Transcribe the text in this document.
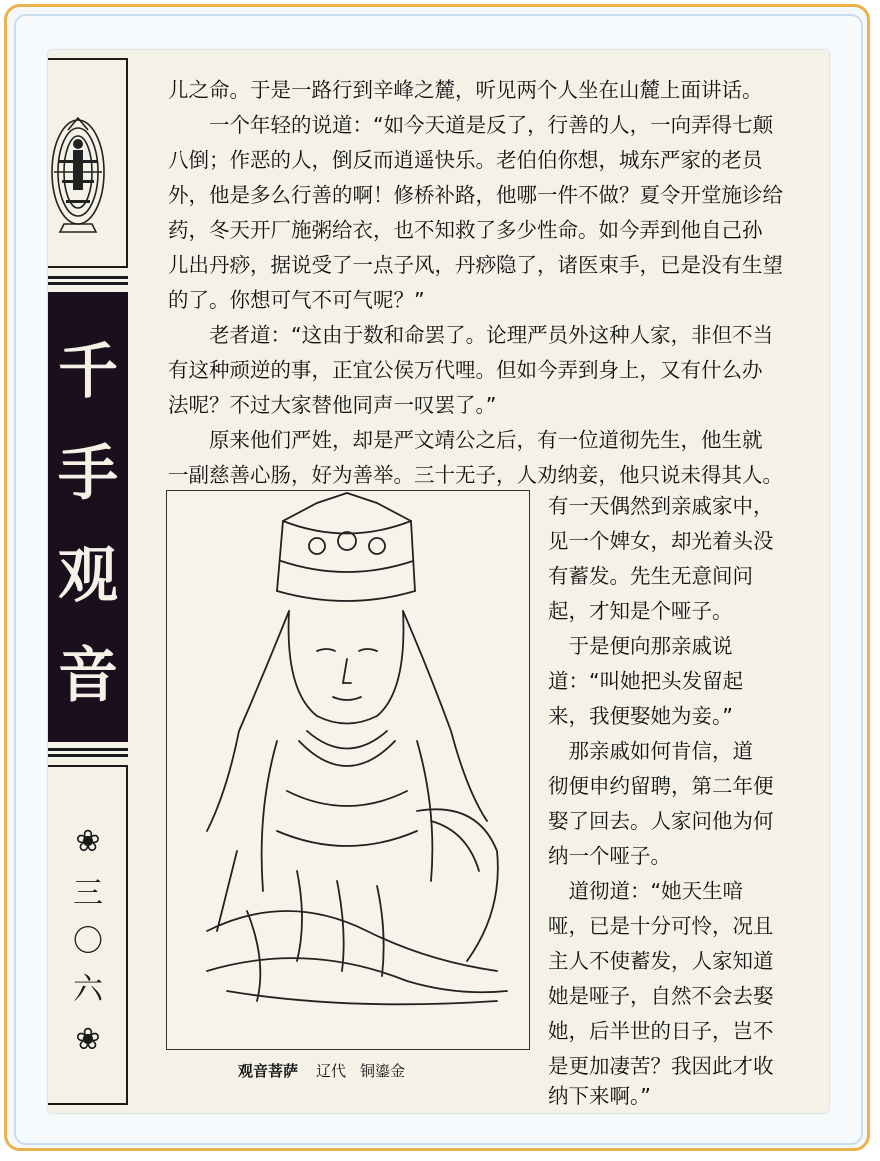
千
手
观
音
❀
三
〇
六
❀
儿之命。于是一路行到辛峰之麓，听见两个人坐在山麓上面讲话。
　　一个年轻的说道：“如今天道是反了，行善的人，一向弄得七颠
八倒；作恶的人，倒反而逍遥快乐。老伯伯你想，城东严家的老员
外，他是多么行善的啊！修桥补路，他哪一件不做？夏令开堂施诊给
药，冬天开厂施粥给衣，也不知救了多少性命。如今弄到他自己孙
儿出丹痧，据说受了一点子风，丹痧隐了，诸医束手，已是没有生望
的了。你想可气不可气呢？”
　　老者道：“这由于数和命罢了。论理严员外这种人家，非但不当
有这种顽逆的事，正宜公侯万代哩。但如今弄到身上，又有什么办
法呢？不过大家替他同声一叹罢了。”
　　原来他们严姓，却是严文靖公之后，有一位道彻先生，他生就
一副慈善心肠，好为善举。三十无子，人劝纳妾，他只说未得其人。
有一天偶然到亲戚家中，
见一个婢女，却光着头没
有蓄发。先生无意间问
起，才知是个哑子。
　于是便向那亲戚说
道：“叫她把头发留起
来，我便娶她为妾。”
　那亲戚如何肯信，道
彻便申约留聘，第二年便
娶了回去。人家问他为何
纳一个哑子。
　道彻道：“她天生喑
哑，已是十分可怜，况且
主人不使蓄发，人家知道
她是哑子，自然不会去娶
她，后半世的日子，岂不
是更加凄苦？我因此才收
纳下来啊。”
观音菩萨 辽代 铜鎏金
